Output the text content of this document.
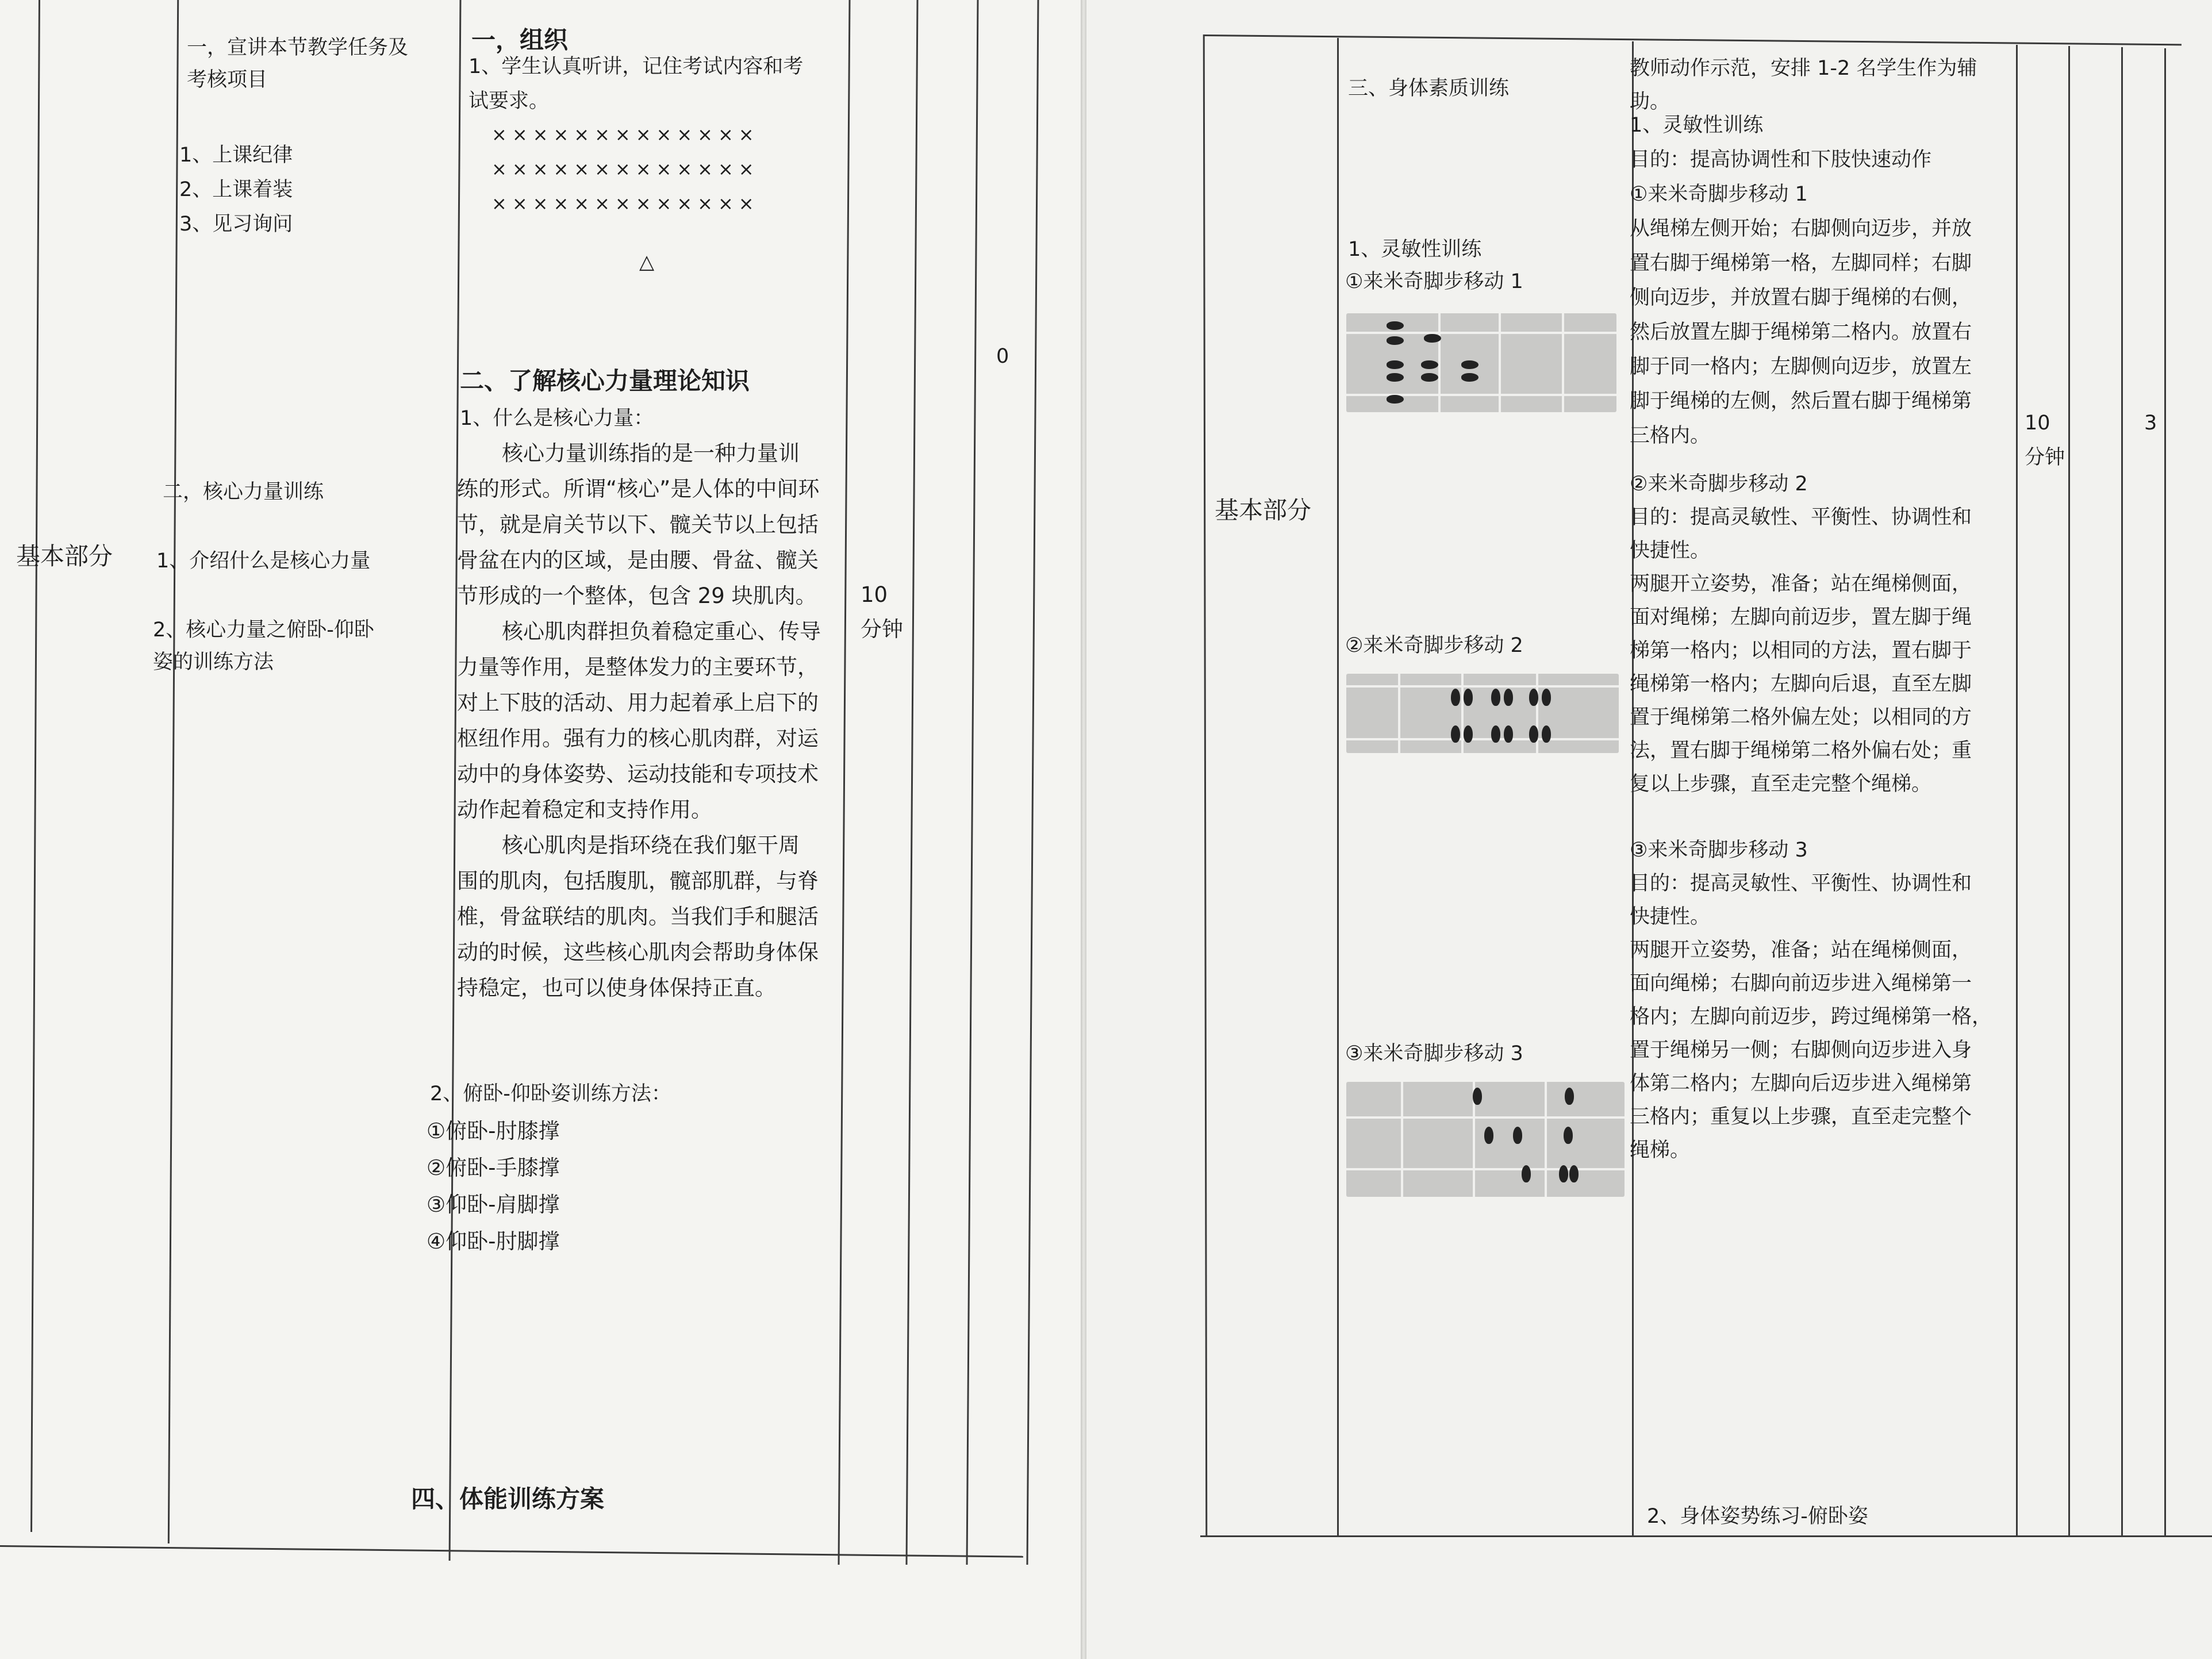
基本部分
一，宣讲本节教学任务及
考核项目
1、上课纪律
2、上课着装
3、见习询问
二，核心力量训练
1、介绍什么是核心力量
2、核心力量之俯卧-仰卧
姿的训练方法
一，组织
1、学生认真听讲，记住考试内容和考
试要求。
×××××××××××××
×××××××××××××
×××××××××××××
△
二、了解核心力量理论知识
1、什么是核心力量：
核心力量训练指的是一种力量训
练的形式。所谓“核心”是人体的中间环
节，就是肩关节以下、髋关节以上包括
骨盆在内的区域，是由腰、骨盆、髋关
节形成的一个整体，包含 29 块肌肉。
核心肌肉群担负着稳定重心、传导
力量等作用，是整体发力的主要环节，
对上下肢的活动、用力起着承上启下的
枢纽作用。强有力的核心肌肉群，对运
动中的身体姿势、运动技能和专项技术
动作起着稳定和支持作用。
核心肌肉是指环绕在我们躯干周
围的肌肉，包括腹肌，髋部肌群，与脊
椎，骨盆联结的肌肉。当我们手和腿活
动的时候，这些核心肌肉会帮助身体保
持稳定，也可以使身体保持正直。
2、俯卧-仰卧姿训练方法：
①俯卧-肘膝撑
②俯卧-手膝撑
③仰卧-肩脚撑
④仰卧-肘脚撑
四、体能训练方案
10
分钟
0
基本部分
三、身体素质训练
1、灵敏性训练
①来米奇脚步移动 1
②来米奇脚步移动 2
③来米奇脚步移动 3
教师动作示范，安排 1-2 名学生作为辅
助。
1、灵敏性训练
目的：提高协调性和下肢快速动作
①来米奇脚步移动 1
从绳梯左侧开始；右脚侧向迈步，并放
置右脚于绳梯第一格，左脚同样；右脚
侧向迈步，并放置右脚于绳梯的右侧，
然后放置左脚于绳梯第二格内。放置右
脚于同一格内；左脚侧向迈步，放置左
脚于绳梯的左侧，然后置右脚于绳梯第
三格内。
②来米奇脚步移动 2
目的：提高灵敏性、平衡性、协调性和
快捷性。
两腿开立姿势，准备；站在绳梯侧面，
面对绳梯；左脚向前迈步，置左脚于绳
梯第一格内；以相同的方法，置右脚于
绳梯第一格内；左脚向后退，直至左脚
置于绳梯第二格外偏左处；以相同的方
法，置右脚于绳梯第二格外偏右处；重
复以上步骤，直至走完整个绳梯。
③来米奇脚步移动 3
目的：提高灵敏性、平衡性、协调性和
快捷性。
两腿开立姿势，准备；站在绳梯侧面，
面向绳梯；右脚向前迈步进入绳梯第一
格内；左脚向前迈步，跨过绳梯第一格，
置于绳梯另一侧；右脚侧向迈步进入身
体第二格内；左脚向后迈步进入绳梯第
三格内；重复以上步骤，直至走完整个
绳梯。
2、身体姿势练习-俯卧姿
10
分钟
3
